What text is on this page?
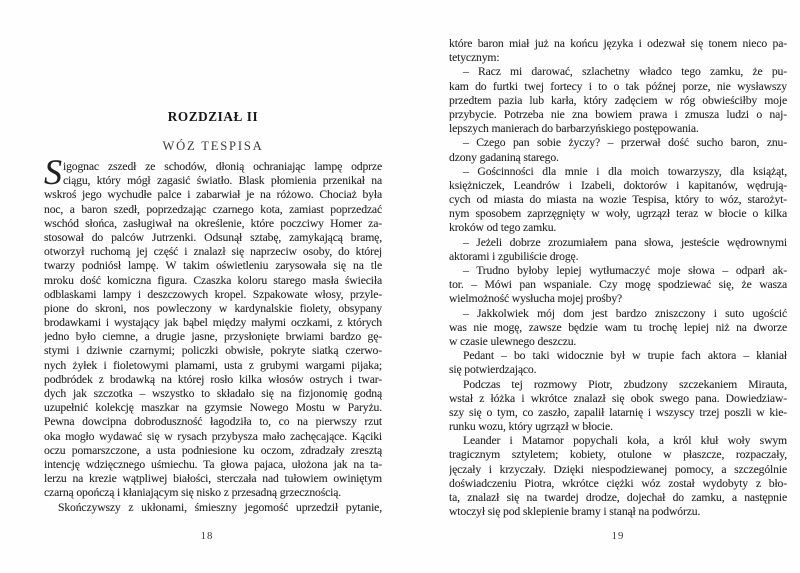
ROZDZIAŁ II
WÓZ TESPISA
S igognac zszedł ze schodów, dłonią ochraniając lampę odprze
ciągu, który mógł zagasić światło. Blask płomienia przenikał na
wskroś jego wychudłe palce i zabarwiał je na różowo. Chociaż była
noc, a baron szedł, poprzedzając czarnego kota, zamiast poprzedzać
wschód słońca, zasługiwał na określenie, które poczciwy Homer za-
stosował do palców Jutrzenki. Odsunął sztabę, zamykającą bramę,
otworzył ruchomą jej część i znalazł się naprzeciw osoby, do której
twarzy podniósł lampę. W takim oświetleniu zarysowała się na tle
mroku dość komiczna figura. Czaszka koloru starego masła świeciła
odblaskami lampy i deszczowych kropel. Szpakowate włosy, przyle-
pione do skroni, nos powleczony w kardynalskie fiolety, obsypany
brodawkami i wystający jak bąbel między małymi oczkami, z których
jedno było ciemne, a drugie jasne, przysłonięte brwiami bardzo gę-
stymi i dziwnie czarnymi; policzki obwisłe, pokryte siatką czerwo-
nych żyłek i fioletowymi plamami, usta z grubymi wargami pijaka;
podbródek z brodawką na której rosło kilka włosów ostrych i twar-
dych jak szczotka – wszystko to składało się na fizjonomię godną
uzupełnić kolekcję maszkar na gzymsie Nowego Mostu w Paryżu.
Pewna dowcipna dobroduszność łagodziła to, co na pierwszy rzut
oka mogło wydawać się w rysach przybysza mało zachęcające. Kąciki
oczu pomarszczone, a usta podniesione ku oczom, zdradzały zresztą
intencję wdzięcznego uśmiechu. Ta głowa pajaca, ułożona jak na ta-
lerzu na krezie wątpliwej białości, sterczała nad tułowiem owiniętym
czarną opończą i kłaniającym się nisko z przesadną grzecznością.
Skończywszy z ukłonami, śmieszny jegomość uprzedził pytanie,
które baron miał już na końcu języka i odezwał się tonem nieco pa-
tetycznym:
– Racz mi darować, szlachetny władco tego zamku, że pu-
kam do furtki twej fortecy i to o tak późnej porze, nie wysławszy
przedtem pazia lub karła, który zadęciem w róg obwieściłby moje
przybycie. Potrzeba nie zna bowiem prawa i zmusza ludzi o naj-
lepszych manierach do barbarzyńskiego postępowania.
– Czego pan sobie życzy? – przerwał dość sucho baron, znu-
dzony gadaniną starego.
– Gościnności dla mnie i dla moich towarzyszy, dla książąt,
księżniczek, Leandrów i Izabeli, doktorów i kapitanów, wędrują-
cych od miasta do miasta na wozie Tespisa, który to wóz, starożyt-
nym sposobem zaprzęgnięty w woły, ugrzązł teraz w błocie o kilka
kroków od tego zamku.
– Jeżeli dobrze zrozumiałem pana słowa, jesteście wędrownymi
aktorami i zgubiliście drogę.
– Trudno byłoby lepiej wytłumaczyć moje słowa – odparł ak-
tor. – Mówi pan wspaniale. Czy mogę spodziewać się, że wasza
wielmożność wysłucha mojej prośby?
– Jakkolwiek mój dom jest bardzo zniszczony i suto ugościć
was nie mogę, zawsze będzie wam tu trochę lepiej niż na dworze
w czasie ulewnego deszczu.
Pedant – bo taki widocznie był w trupie fach aktora – kłaniał
się potwierdzająco.
Podczas tej rozmowy Piotr, zbudzony szczekaniem Mirauta,
wstał z łóżka i wkrótce znalazł się obok swego pana. Dowiedziaw-
szy się o tym, co zaszło, zapalił latarnię i wszyscy trzej poszli w kie-
runku wozu, który ugrzązł w błocie.
Leander i Matamor popychali koła, a król kłuł woły swym
tragicznym sztyletem; kobiety, otulone w płaszcze, rozpaczały,
jęczały i krzyczały. Dzięki niespodziewanej pomocy, a szczególnie
doświadczeniu Piotra, wkrótce ciężki wóz został wydobyty z bło-
ta, znalazł się na twardej drodze, dojechał do zamku, a następnie
wtoczył się pod sklepienie bramy i stanął na podwórzu.
18	19
